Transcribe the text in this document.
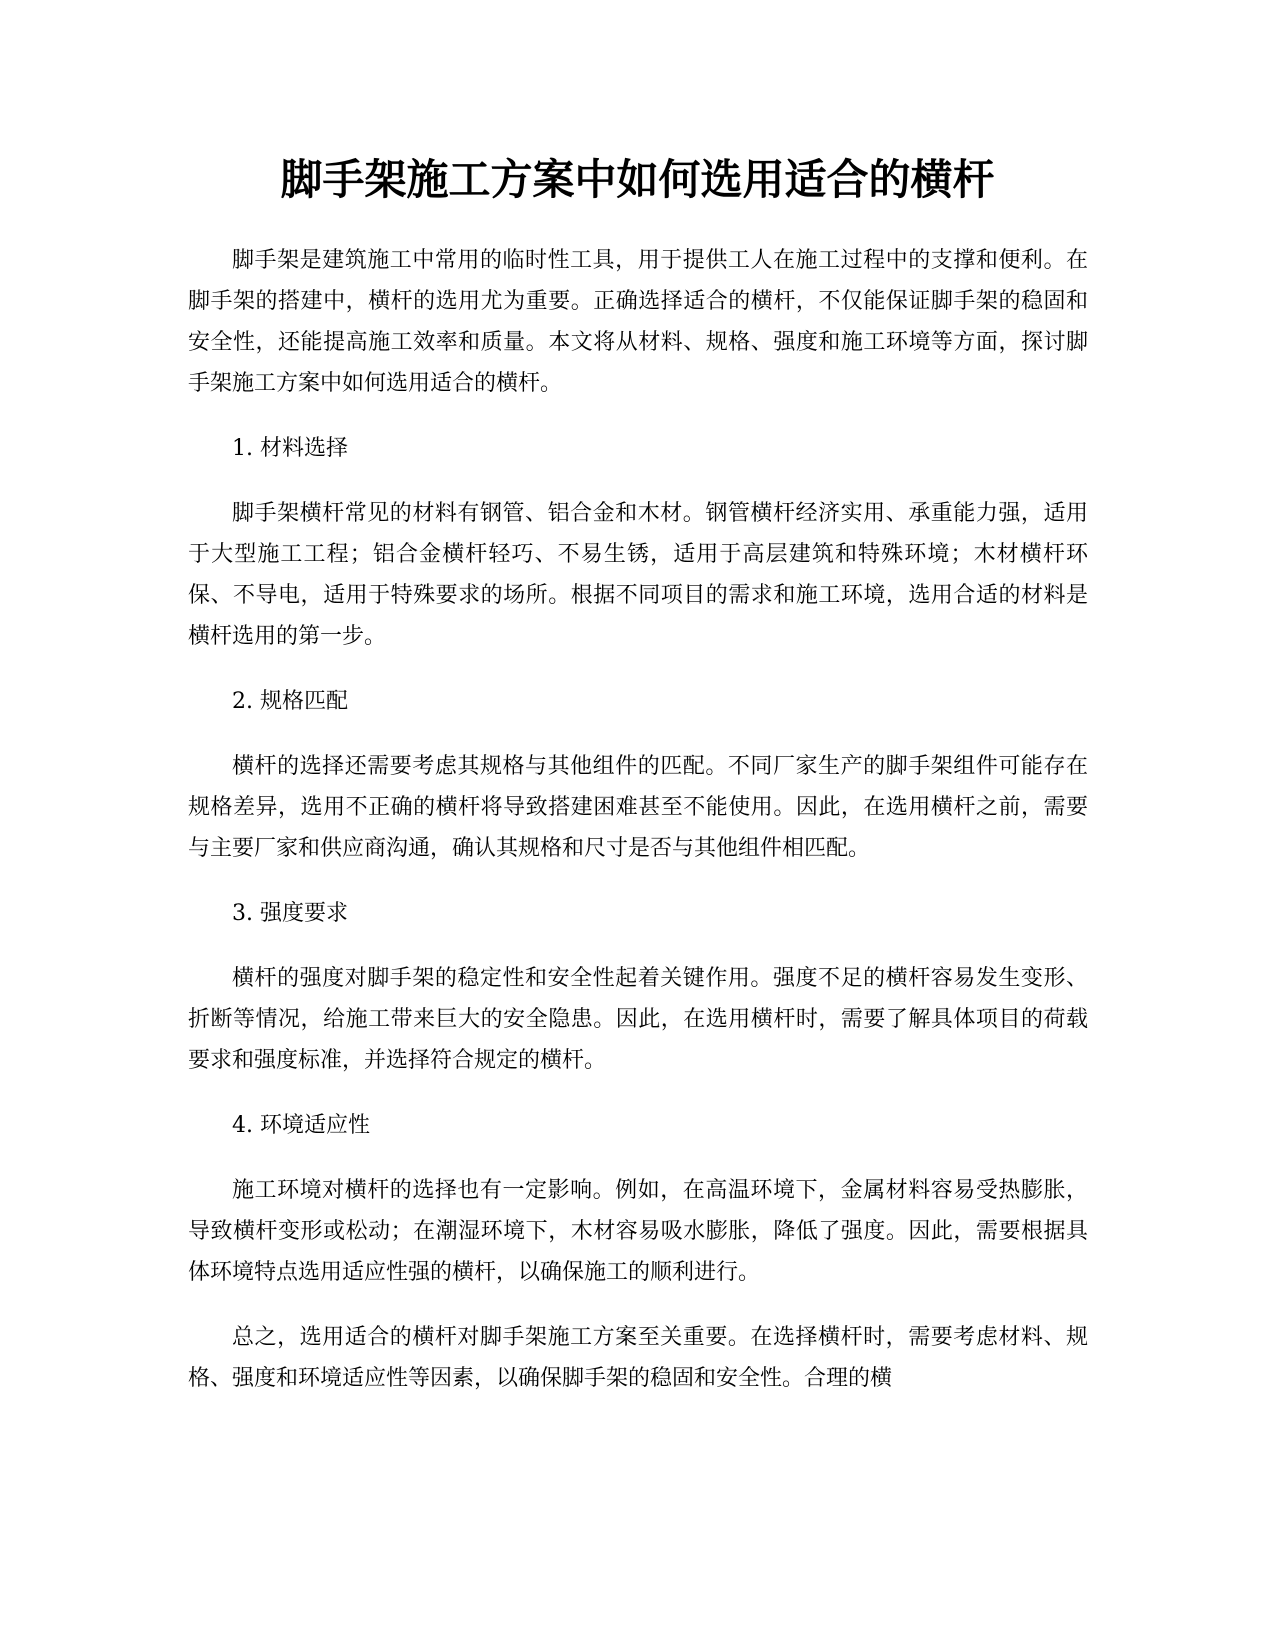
脚手架施工方案中如何选用适合的横杆

脚手架是建筑施工中常用的临时性工具，用于提供工人在施工过程中的支撑和便利。在脚手架的搭建中，横杆的选用尤为重要。正确选择适合的横杆，不仅能保证脚手架的稳固和安全性，还能提高施工效率和质量。本文将从材料、规格、强度和施工环境等方面，探讨脚手架施工方案中如何选用适合的横杆。

1. 材料选择

脚手架横杆常见的材料有钢管、铝合金和木材。钢管横杆经济实用、承重能力强，适用于大型施工工程；铝合金横杆轻巧、不易生锈，适用于高层建筑和特殊环境；木材横杆环保、不导电，适用于特殊要求的场所。根据不同项目的需求和施工环境，选用合适的材料是横杆选用的第一步。

2. 规格匹配

横杆的选择还需要考虑其规格与其他组件的匹配。不同厂家生产的脚手架组件可能存在规格差异，选用不正确的横杆将导致搭建困难甚至不能使用。因此，在选用横杆之前，需要与主要厂家和供应商沟通，确认其规格和尺寸是否与其他组件相匹配。

3. 强度要求

横杆的强度对脚手架的稳定性和安全性起着关键作用。强度不足的横杆容易发生变形、折断等情况，给施工带来巨大的安全隐患。因此，在选用横杆时，需要了解具体项目的荷载要求和强度标准，并选择符合规定的横杆。

4. 环境适应性

施工环境对横杆的选择也有一定影响。例如，在高温环境下，金属材料容易受热膨胀，导致横杆变形或松动；在潮湿环境下，木材容易吸水膨胀，降低了强度。因此，需要根据具体环境特点选用适应性强的横杆，以确保施工的顺利进行。

总之，选用适合的横杆对脚手架施工方案至关重要。在选择横杆时，需要考虑材料、规格、强度和环境适应性等因素，以确保脚手架的稳固和安全性。合理的横
